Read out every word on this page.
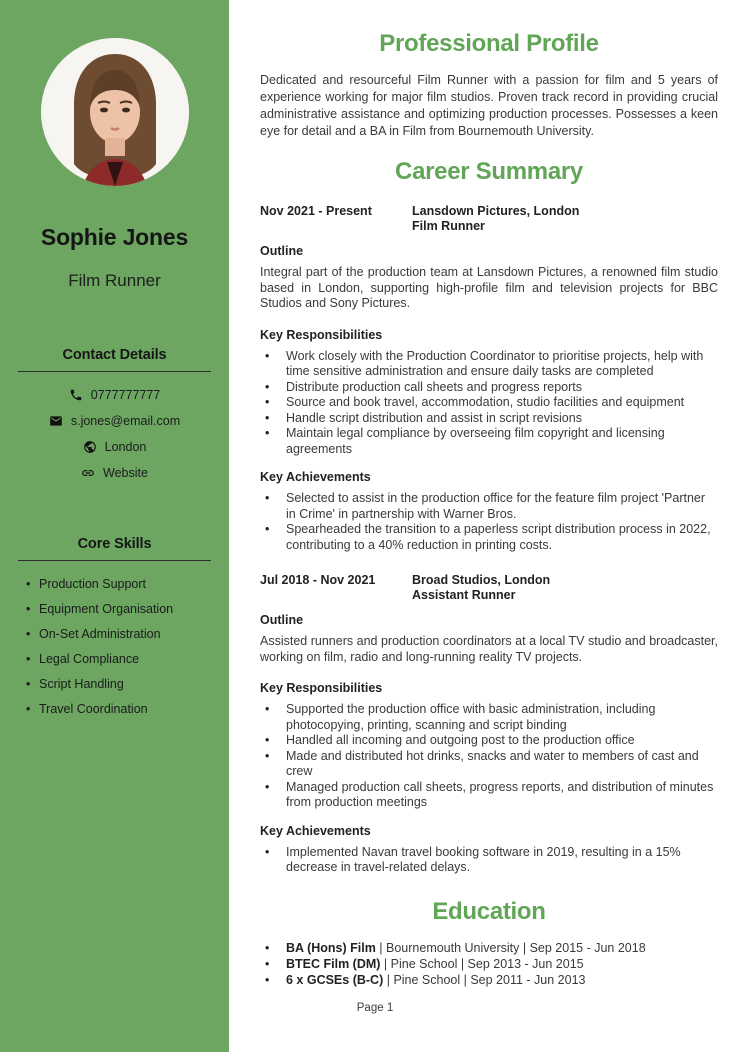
Sophie Jones
Film Runner
Contact Details
0777777777
s.jones@email.com
London
Website
Core Skills
• Production Support
• Equipment Organisation
• On-Set Administration
• Legal Compliance
• Script Handling
• Travel Coordination
Professional Profile

Dedicated and resourceful Film Runner with a passion for film and 5 years of experience working for major film studios. Proven track record in providing crucial administrative assistance and optimizing production processes. Possesses a keen eye for detail and a BA in Film from Bournemouth University.

Career Summary
Nov 2021 - Present	Lansdown Pictures, London
Film Runner
Outline

Integral part of the production team at Lansdown Pictures, a renowned film studio based in London, supporting high-profile film and television projects for BBC Studios and Sony Pictures.

Key Responsibilities
• Work closely with the Production Coordinator to prioritise projects, help with time sensitive administration and ensure daily tasks are completed
• Distribute production call sheets and progress reports
• Source and book travel, accommodation, studio facilities and equipment
• Handle script distribution and assist in script revisions
• Maintain legal compliance by overseeing film copyright and licensing agreements
Key Achievements
• Selected to assist in the production office for the feature film project 'Partner in Crime' in partnership with Warner Bros.
• Spearheaded the transition to a paperless script distribution process in 2022, contributing to a 40% reduction in printing costs.
Jul 2018 - Nov 2021	Broad Studios, London
Assistant Runner
Outline

Assisted runners and production coordinators at a local TV studio and broadcaster, working on film, radio and long-running reality TV projects.

Key Responsibilities
• Supported the production office with basic administration, including photocopying, printing, scanning and script binding
• Handled all incoming and outgoing post to the production office
• Made and distributed hot drinks, snacks and water to members of cast and crew
• Managed production call sheets, progress reports, and distribution of minutes from production meetings
Key Achievements
• Implemented Navan travel booking software in 2019, resulting in a 15% decrease in travel-related delays.
Education
• BA (Hons) Film | Bournemouth University | Sep 2015 - Jun 2018
• BTEC Film (DM) | Pine School | Sep 2013 - Jun 2015
• 6 x GCSEs (B-C) | Pine School | Sep 2011 - Jun 2013
Page 1
